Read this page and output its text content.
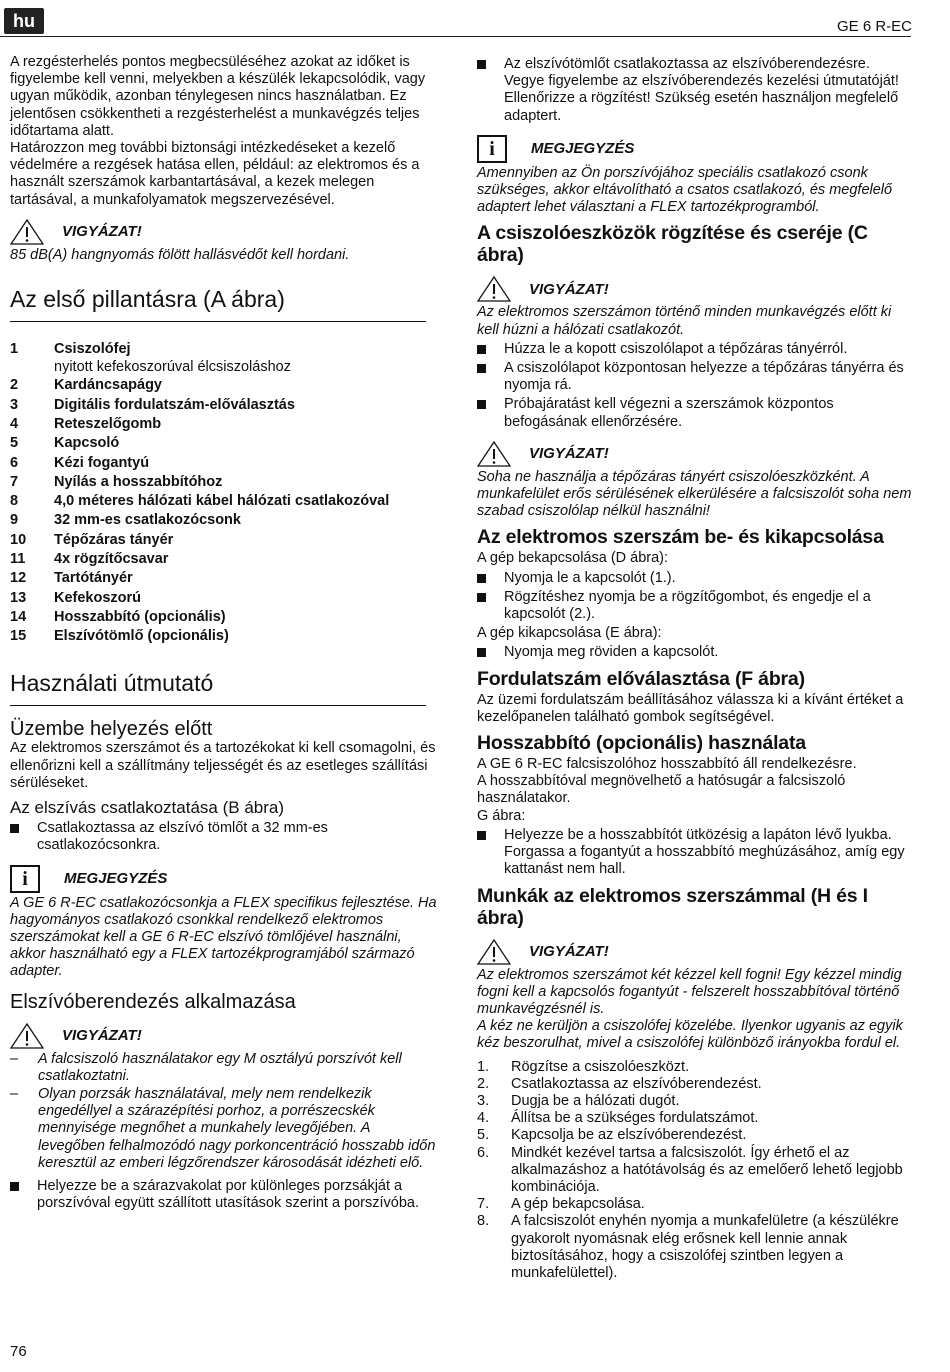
hu	GE 6 R-EC

A rezgésterhelés pontos megbecsüléséhez azokat az időket is figyelembe kell venni, melyekben a készülék lekapcsolódik, vagy ugyan működik, azonban ténylegesen nincs használatban. Ez jelentősen csökkentheti a rezgésterhelést a munkavégzés teljes időtartama alatt.

Határozzon meg további biztonsági intézkedéseket a kezelő védelmére a rezgések hatása ellen, például: az elektromos és a használt szerszámok karbantartásával, a kezek melegen tartásával, a munkafolyamatok megszervezésével.

VIGYÁZAT!

85 dB(A) hangnyomás fölött hallásvédőt kell hordani.

Az első pillantásra (A ábra)
1	Csiszolófej
nyitott kefekoszorúval élcsiszoláshoz
2	Kardáncsapágy
3	Digitális fordulatszám-előválasztás
4	Reteszelőgomb
5	Kapcsoló
6	Kézi fogantyú
7	Nyílás a hosszabbítóhoz
8	4,0 méteres hálózati kábel hálózati csatlakozóval
9	32 mm-es csatlakozócsonk
10	Tépőzáras tányér
11	4x rögzítőcsavar
12	Tartótányér
13	Kefekoszorú
14	Hosszabbító (opcionális)
15	Elszívótömlő (opcionális)
Használati útmutató
Üzembe helyezés előtt

Az elektromos szerszámot és a tartozékokat ki kell csomagolni, és ellenőrizni kell a szállítmány teljességét és az esetleges szállítási sérüléseket.

Az elszívás csatlakoztatása (B ábra)
Csatlakoztassa az elszívó tömlőt a 32 mm-es csatlakozócsonkra.
i	MEGJEGYZÉS

A GE 6 R-EC csatlakozócsonkja a FLEX specifikus fejlesztése. Ha hagyományos csatlakozó csonkkal rendelkező elektromos szerszámokat kell a GE 6 R-EC elszívó tömlőjével használni, akkor használható egy a FLEX tartozékprogramjából származó adapter.

Elszívóberendezés alkalmazása
VIGYÁZAT!
–	A falcsiszoló használatakor egy M osztályú porszívót kell csatlakoztatni.
–	Olyan porzsák használatával, mely nem rendelkezik engedéllyel a szárazépítési porhoz, a porrészecskék mennyisége megnőhet a munkahely levegőjében. A levegőben felhalmozódó nagy porkoncentráció hosszabb időn keresztül az emberi légzőrendszer károsodását idézheti elő.
Helyezze be a szárazvakolat por különleges porzsákját a porszívóval együtt szállított utasítások szerint a porszívóba.
Az elszívótömlőt csatlakoztassa az elszívóberendezésre. Vegye figyelembe az elszívóberendezés kezelési útmutatóját! Ellenőrizze a rögzítést! Szükség esetén használjon megfelelő adaptert.
i	MEGJEGYZÉS

Amennyiben az Ön porszívójához speciális csatlakozó csonk szükséges, akkor eltávolítható a csatos csatlakozó, és megfelelő adaptert lehet választani a FLEX tartozékprogramból.

A csiszolóeszközök rögzítése és cseréje (C ábra)
VIGYÁZAT!

Az elektromos szerszámon történő minden munkavégzés előtt ki kell húzni a hálózati csatlakozót.

Húzza le a kopott csiszolólapot a tépőzáras tányérról.
A csiszolólapot központosan helyezze a tépőzáras tányérra és nyomja rá.
Próbajáratást kell végezni a szerszámok központos befogásának ellenőrzésére.
VIGYÁZAT!

Soha ne használja a tépőzáras tányért csiszolóeszközként. A munkafelület erős sérülésének elkerülésére a falcsiszolót soha nem szabad csiszolólap nélkül használni!

Az elektromos szerszám be- és kikapcsolása

A gép bekapcsolása (D ábra):

Nyomja le a kapcsolót (1.).
Rögzítéshez nyomja be a rögzítőgombot, és engedje el a kapcsolót (2.).

A gép kikapcsolása (E ábra):

Nyomja meg röviden a kapcsolót.
Fordulatszám előválasztása (F ábra)

Az üzemi fordulatszám beállításához válassza ki a kívánt értéket a kezelőpanelen található gombok segítségével.

Hosszabbító (opcionális) használata

A GE 6 R-EC falcsiszolóhoz hosszabbító áll rendelkezésre.

A hosszabbítóval megnövelhető a hatósugár a falcsiszoló használatakor.

G ábra:

Helyezze be a hosszabbítót ütközésig a lapáton lévő lyukba. Forgassa a fogantyút a hosszabbító meghúzásához, amíg egy kattanást nem hall.
Munkák az elektromos szerszámmal (H és I ábra)
VIGYÁZAT!

Az elektromos szerszámot két kézzel kell fogni! Egy kézzel mindig fogni kell a kapcsolós fogantyút - felszerelt hosszabbítóval történő munkavégzésnél is.

A kéz ne kerüljön a csiszolófej közelébe. Ilyenkor ugyanis az egyik kéz beszorulhat, mivel a csiszolófej különböző irányokba fordul el.

1.	Rögzítse a csiszolóeszközt.
2.	Csatlakoztassa az elszívóberendezést.
3.	Dugja be a hálózati dugót.
4.	Állítsa be a szükséges fordulatszámot.
5.	Kapcsolja be az elszívóberendezést.
6.	Mindkét kezével tartsa a falcsiszolót. Így érhető el az alkalmazáshoz a hatótávolság és az emelőerő lehető legjobb kombinációja.
7.	A gép bekapcsolása.
8.	A falcsiszolót enyhén nyomja a munkafelületre (a készülékre gyakorolt nyomásnak elég erősnek kell lennie annak biztosításához, hogy a csiszolófej szintben legyen a munkafelülettel).
76
